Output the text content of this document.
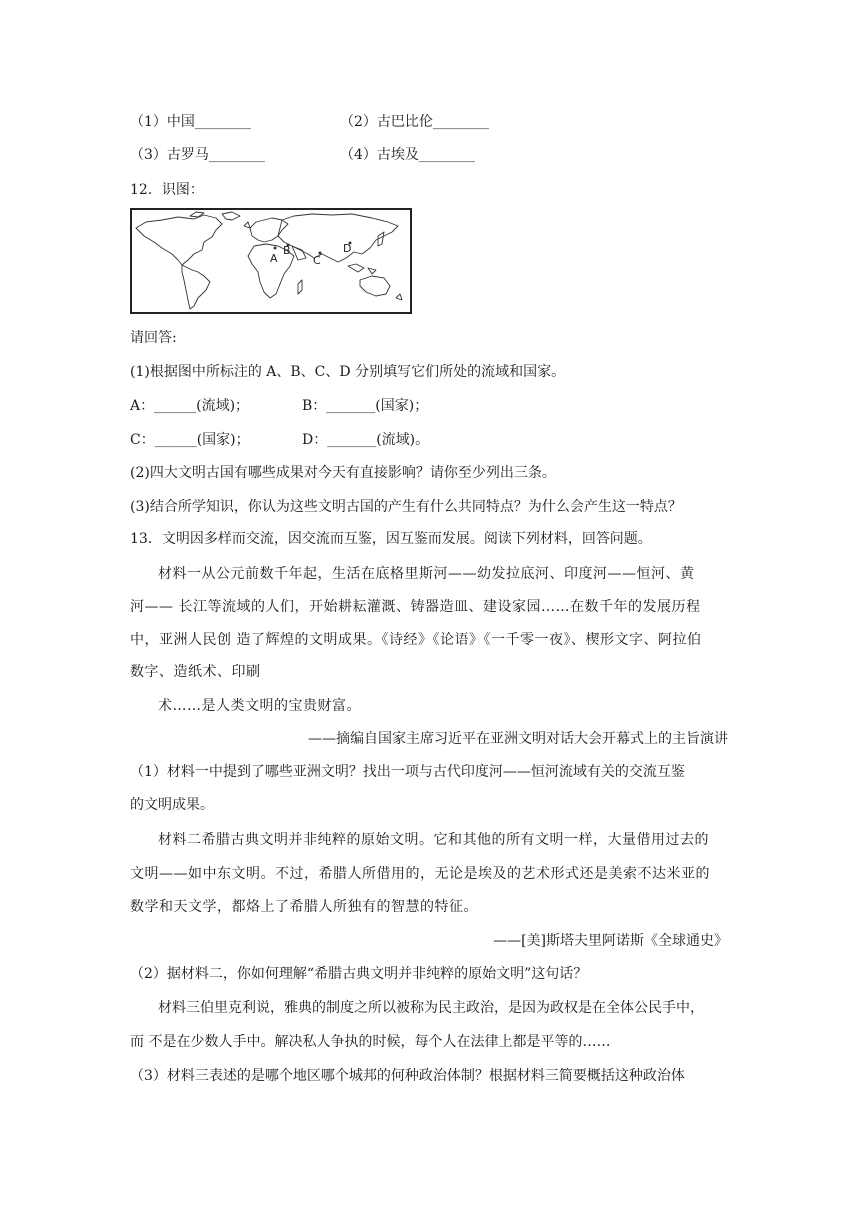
（1）中国________	（2）古巴比伦________
（3）古罗马________	（4）古埃及________
12．识图：
A
B
C
D
请回答:
(1)根据图中所标注的 A、B、C、D 分别填写它们所处的流域和国家。
A：______(流域)；	B：_______(国家)；
C：______(国家)；	D：_______(流域)。
(2)四大文明古国有哪些成果对今天有直接影响？请你至少列出三条。
(3)结合所学知识，你认为这些文明古国的产生有什么共同特点？为什么会产生这一特点？
13．文明因多样而交流，因交流而互鉴，因互鉴而发展。阅读下列材料，回答问题。
材料一从公元前数千年起，生活在底格里斯河——幼发拉底河、印度河——恒河、黄
河—— 长江等流域的人们，开始耕耘灌溉、铸器造皿、建设家园……在数千年的发展历程
中，亚洲人民创 造了辉煌的文明成果。《诗经》《论语》《一千零一夜》、楔形文字、阿拉伯
数字、造纸术、印刷
术……是人类文明的宝贵财富。
——摘编自国家主席习近平在亚洲文明对话大会开幕式上的主旨演讲
（1）材料一中提到了哪些亚洲文明？找出一项与古代印度河——恒河流域有关的交流互鉴
的文明成果。
材料二希腊古典文明并非纯粹的原始文明。它和其他的所有文明一样，大量借用过去的
文明——如中东文明。不过，希腊人所借用的，无论是埃及的艺术形式还是美索不达米亚的
数学和天文学，都烙上了希腊人所独有的智慧的特征。
——[美]斯塔夫里阿诺斯《全球通史》
（2）据材料二，你如何理解“希腊古典文明并非纯粹的原始文明”这句话？
材料三伯里克利说，雅典的制度之所以被称为民主政治，是因为政权是在全体公民手中，
而 不是在少数人手中。解决私人争执的时候，每个人在法律上都是平等的……
（3）材料三表述的是哪个地区哪个城邦的何种政治体制？根据材料三简要概括这种政治体
